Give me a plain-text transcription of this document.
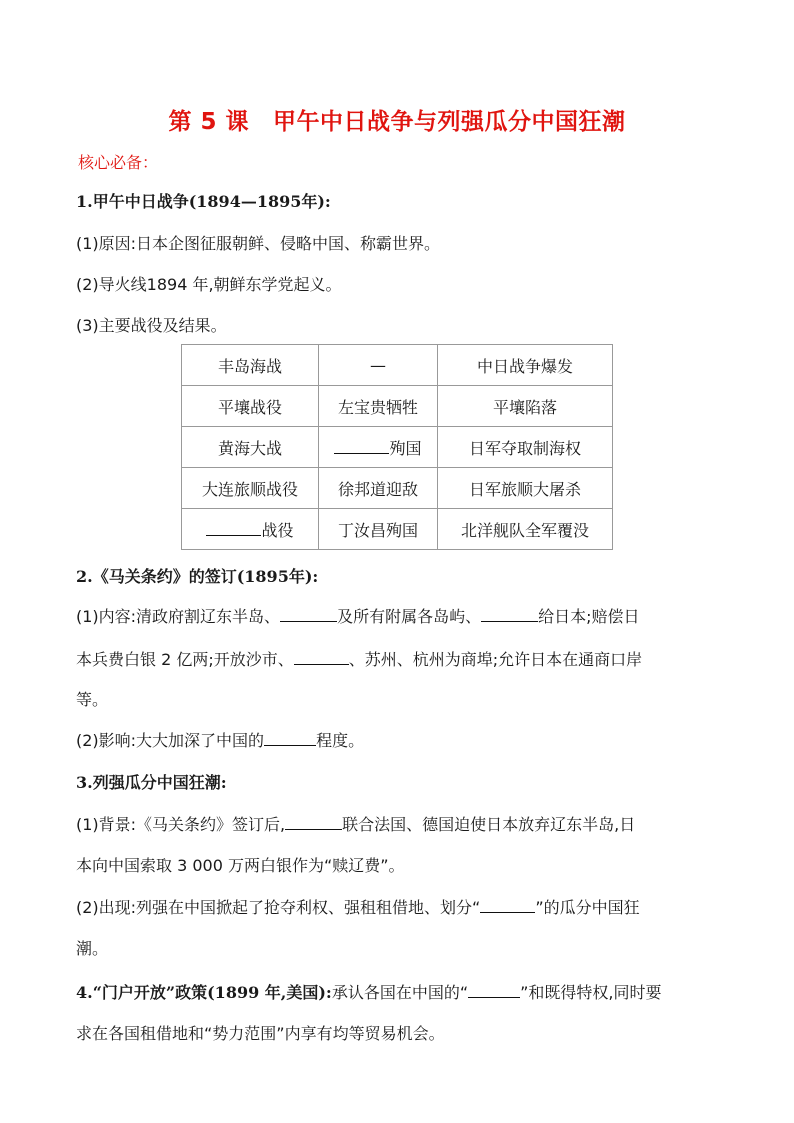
第 5 课 甲午中日战争与列强瓜分中国狂潮
核心必备：
1.甲午中日战争(1894—1895年):
(1)原因:日本企图征服朝鲜、侵略中国、称霸世界。
(2)导火线1894 年,朝鲜东学党起义。
(3)主要战役及结果。
丰岛海战	—	中日战争爆发
平壤战役	左宝贵牺牲	平壤陷落
黄海大战	殉国	日军夺取制海权
大连旅顺战役	徐邦道迎敌	日军旅顺大屠杀
战役	丁汝昌殉国	北洋舰队全军覆没
2.《马关条约》的签订(1895年):
(1)内容:清政府割辽东半岛、	及所有附属各岛屿、	给日本;赔偿日
本兵费白银 2 亿两;开放沙市、	、苏州、杭州为商埠;允许日本在通商口岸
等。
(2)影响:大大加深了中国的	程度。
3.列强瓜分中国狂潮:
(1)背景:《马关条约》签订后,	联合法国、德国迫使日本放弃辽东半岛,日
本向中国索取 3 000 万两白银作为“赎辽费”。
(2)出现:列强在中国掀起了抢夺利权、强租租借地、划分“	”的瓜分中国狂
潮。
4.“门户开放”政策(1899 年,美国):承认各国在中国的“	”和既得特权,同时要
求在各国租借地和“势力范围”内享有均等贸易机会。
